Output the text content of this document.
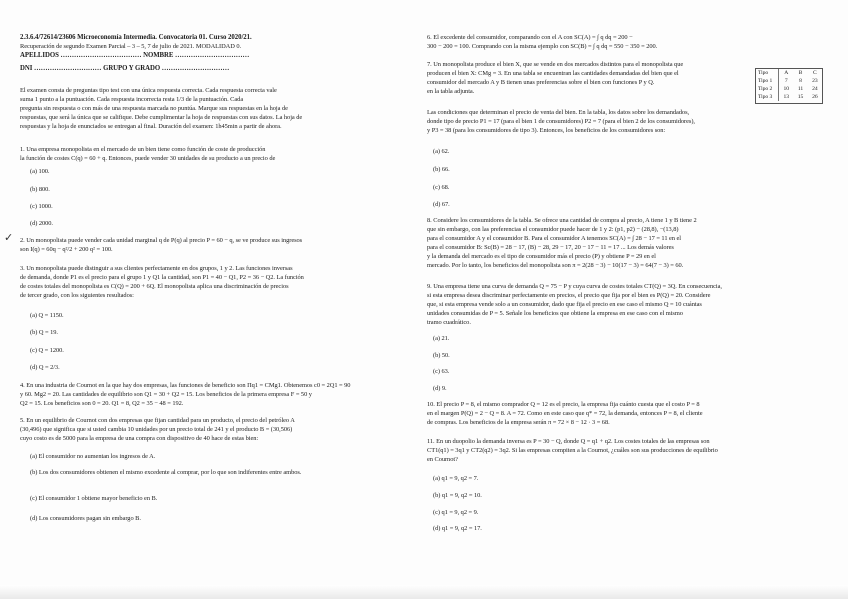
2.3.6.4/72614/23606 Microeconomía Intermedia. Convocatoria 01. Curso 2020/21.
Recuperación de segundo Examen Parcial – 3 – 5, 7 de julio de 2021. MODALIDAD 0.
APELLIDOS ……………………………… NOMBRE ……………………………
DNI ………………………… GRUPO Y GRADO …………………………
El examen consta de preguntas tipo test con una única respuesta correcta. Cada respuesta correcta vale
suma 1 punto a la puntuación. Cada respuesta incorrecta resta 1/3 de la puntuación. Cada
pregunta sin respuesta o con más de una respuesta marcada no puntúa. Marque sus respuestas en la hoja de
respuestas, que será la única que se califique. Debe cumplimentar la hoja de respuestas con sus datos. La hoja de
respuestas y la hoja de enunciados se entregan al final. Duración del examen: 1h45min a partir de ahora.
1. Una empresa monopolista en el mercado de un bien tiene como función de coste de producción
la función de costes C(q) = 60 + q. Entonces, puede vender 30 unidades de su producto a un precio de
(a) 100.
(b) 800.
(c) 1000.
(d) 2000.
✓ 2. Un monopolista puede vender cada unidad marginal q de P(q) al precio P = 60 − q, se ve produce sus ingresos
son I(q) = 60q − q²/2 + 200 q² = 100.
3. Un monopolista puede distinguir a sus clientes perfectamente en dos grupos, 1 y 2. Las funciones inversas
de demanda, donde P1 es el precio para el grupo 1 y Q1 la cantidad, son P1 = 40 − Q1, P2 = 36 − Q2. La función
de costes totales del monopolista es C(Q) = 200 + 6Q. El monopolista aplica una discriminación de precios
de tercer grado, con los siguientes resultados:
(a) Q = 1150.
(b) Q = 19.
(c) Q = 1200.
(d) Q = 2/3.
4. En una industria de Cournot en la que hay dos empresas, las funciones de beneficio son Πq1 = CMg1. Obtenemos c0 = 2Q1 = 90
y 60. Mg2 = 20. Las cantidades de equilibrio son Q1 = 30 + Q2 = 15. Los beneficios de la primera empresa F = 50 y
Q2 = 15. Los beneficios son 0 = 20. Q1 = 8, Q2 = 35 − 48 = 192.
5. En un equilibrio de Cournot con dos empresas que fijan cantidad para un producto, el precio del petróleo A
(30,496) que significa que si usted cambia 10 unidades por un precio total de 241 y el producto B = (30,506)
cuyo costo es de 5000 para la empresa de una compra con dispositivo de 40 hace de estas bien:
(a) El consumidor no aumentan los ingresos de A.
(b) Los dos consumidores obtienen el mismo excedente al comprar, por lo que son indiferentes entre ambos.
(c) El consumidor 1 obtiene mayor beneficio en B.
(d) Los consumidores pagan sin embargo B.
6. El excedente del consumidor, comparando con el A con SC(A) = ∫ q dq = 200 −
300 − 200 = 100. Comprando con la misma ejemplo con SC(B) = ∫ q dq = 550 − 350 = 200.
7. Un monopolista produce el bien X, que se vende en dos mercados distintos para el monopolista que
producen el bien X: CMg = 3. En una tabla se encuentran las cantidades demandadas del bien que el
consumidor del mercado A y B tienen unas preferencias sobre el bien con funciones P y Q.
en la tabla adjunta.
Tipo	A	B	C
Tipo 1	7	8	23
Tipo 2	10	11	24
Tipo 3	13	15	26
Las condiciones que determinan el precio de venta del bien. En la tabla, los datos sobre los demandados,
donde tipo de precio P1 = 17 (para el bien 1 de consumidores) P2 = 7 (para el bien 2 de los consumidores),
y P3 = 38 (para los consumidores de tipo 3). Entonces, los beneficios de los consumidores son:
(a) 62.
(b) 66.
(c) 68.
(d) 67.
8. Considere los consumidores de la tabla. Se ofrece una cantidad de compra al precio, A tiene 1 y B tiene 2
que sin embargo, con las preferencias el consumidor puede hacer de 1 y 2: (p1, p2) − (28,8), −(13,8)
para el consumidor A y el consumidor B. Para el consumidor A tenemos SC(A) = ∫ 28 − 17 = 11 en el
para el consumidor B: Sc(B) = 28 − 17, (B) − 28, 29 − 17, 20 − 17 − 11 = 17 ... Los demás valores
y la demanda del mercado es el tipo de consumidor más el precio (P) y obtiene P = 29 en el
mercado. Por lo tanto, los beneficios del monopolista son π = 2(28 − 3) − 10(17 − 3) = 64(7 − 3) = 60.
9. Una empresa tiene una curva de demanda Q = 75 − P y cuya curva de costes totales CT(Q) = 3Q. En consecuencia,
si esta empresa desea discriminar perfectamente en precios, el precio que fija por el bien es P(Q) = 20. Considere
que, si esta empresa vende solo a un consumidor, dado que fija el precio en ese caso el mismo Q = 10 cuántas
unidades consumidas de P = 5. Señale los beneficios que obtiene la empresa en ese caso con el mismo
tramo cuadrático.
(a) 21.
(b) 50.
(c) 63.
(d) 9.
10. El precio P = 8, el mismo comprador Q = 12 es el precio, la empresa fija cuánto cuesta que el costo P = 8
en el margen P(Q) = 2 − Q = 8. A = 72. Como en este caso que q* = 72, la demanda, entonces P = 8, el cliente
de compras. Los beneficios de la empresa serán π = 72 × 8 − 12 · 3 = 68.
11. En un duopolio la demanda inversa es P = 30 − Q, donde Q = q1 + q2. Los costes totales de las empresas son
CT1(q1) = 3q1 y CT2(q2) = 3q2. Si las empresas compiten a la Cournot, ¿cuáles son sus producciones de equilibrio
en Cournot?
(a) q1 = 9, q2 = 7.
(b) q1 = 9, q2 = 10.
(c) q1 = 9, q2 = 9.
(d) q1 = 9, q2 = 17.
